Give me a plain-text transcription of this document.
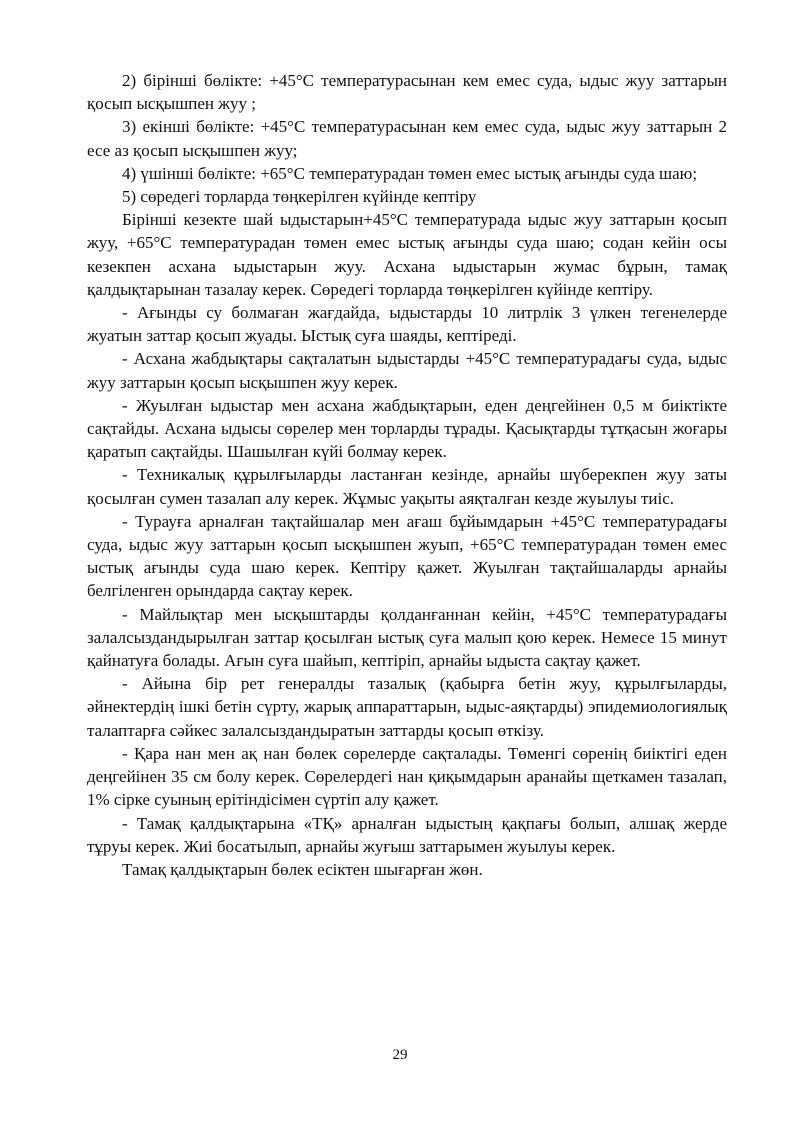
2) бірінші бөлікте: +45°С температурасынан кем емес суда, ыдыс жуу заттарын қосып ысқышпен жуу ;

3) екінші бөлікте: +45°С температурасынан кем емес суда, ыдыс жуу заттарын 2 есе аз қосып ысқышпен жуу;

4) үшінші бөлікте: +65°С температурадан төмен емес ыстық ағынды суда шаю;

5) сөредегі торларда төңкерілген күйінде кептіру

Бірінші кезекте шай ыдыстарын+45°С температурада ыдыс жуу заттарын қосып жуу, +65°С температурадан төмен емес ыстық ағынды суда шаю; содан кейін осы кезекпен асхана ыдыстарын жуу. Асхана ыдыстарын жумас бұрын, тамақ қалдықтарынан тазалау керек. Сөредегі торларда төңкерілген күйінде кептіру.

- Ағынды су болмаған жағдайда, ыдыстарды 10 литрлік 3 үлкен тегенелерде жуатын заттар қосып жуады. Ыстық суға шаяды, кептіреді.

- Асхана жабдықтары сақталатын ыдыстарды +45°С температурадағы суда, ыдыс жуу заттарын қосып ысқышпен жуу керек.

- Жуылған ыдыстар мен асхана жабдықтарын, еден деңгейінен 0,5 м биіктікте сақтайды. Асхана ыдысы сөрелер мен торларды тұрады. Қасықтарды тұтқасын жоғары қаратып сақтайды. Шашылған күйі болмау керек.

- Техникалық құрылғыларды ластанған кезінде, арнайы шүберекпен жуу заты қосылған сумен тазалап алу керек. Жұмыс уақыты аяқталған кезде жуылуы тиіс.

- Турауға арналған тақтайшалар мен ағаш бұйымдарын +45°С температурадағы суда, ыдыс жуу заттарын қосып ысқышпен жуып, +65°С температурадан төмен емес ыстық ағынды суда шаю керек. Кептіру қажет. Жуылған тақтайшаларды арнайы белгіленген орындарда сақтау керек.

- Майлықтар мен ысқыштарды қолданғаннан кейін, +45°С температурадағы залалсыздандырылған заттар қосылған ыстық суға малып қою керек. Немесе 15 минут қайнатуға болады. Ағын суға шайып, кептіріп, арнайы ыдыста сақтау қажет.

- Айына бір рет генералды тазалық (қабырға бетін жуу, құрылғыларды, әйнектердің ішкі бетін сүрту, жарық аппараттарын, ыдыс-аяқтарды) эпидемиологиялық талаптарға сәйкес залалсыздандыратын заттарды қосып өткізу.

- Қара нан мен ақ нан бөлек сөрелерде сақталады. Төменгі сөренің биіктігі еден деңгейінен 35 см болу керек. Сөрелердегі нан қиқымдарын аранайы щеткамен тазалап, 1% сірке суының ерітіндісімен сүртіп алу қажет.

- Тамақ қалдықтарына «ТҚ» арналған ыдыстың қақпағы болып, алшақ жерде тұруы керек. Жиі босатылып, арнайы жуғыш заттарымен жуылуы керек.

Тамақ қалдықтарын бөлек есіктен шығарған жөн.

29
